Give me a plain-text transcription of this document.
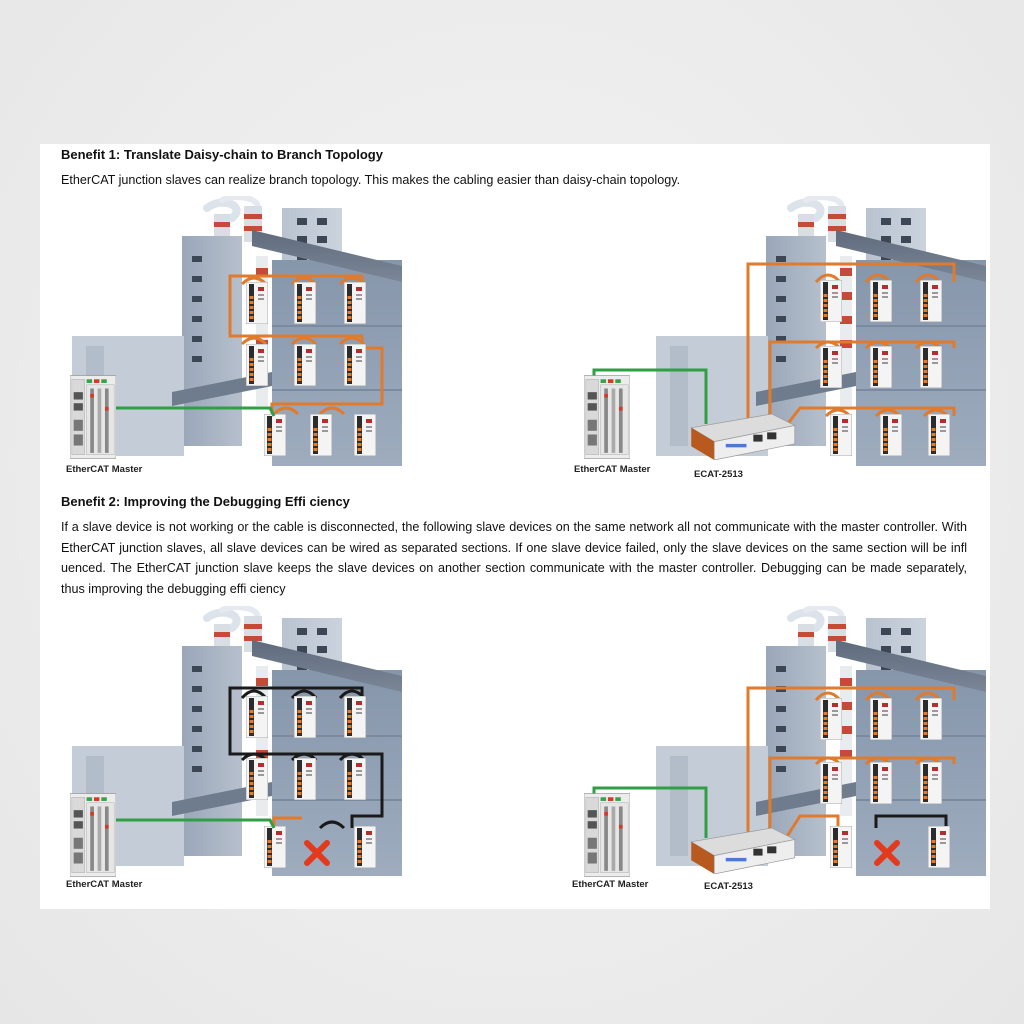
Benefit 1: Translate Daisy-chain to Branch Topology

EtherCAT junction slaves can realize branch topology. This makes the cabling easier than daisy-chain topology.

EtherCAT Master	EtherCAT Master	ECAT-2513
Benefit 2: Improving the Debugging Effi ciency

If a slave device is not working or the cable is disconnected, the following slave devices on the same network all not communicate with the master controller. With EtherCAT junction slaves, all slave devices can be wired as separated sections. If one slave device failed, only the slave devices on the same section will be infl uenced. The EtherCAT junction slave keeps the slave devices on another section communicate with the master controller. Debugging can be made separately, thus improving the debugging effi ciency

EtherCAT Master	EtherCAT Master	ECAT-2513
